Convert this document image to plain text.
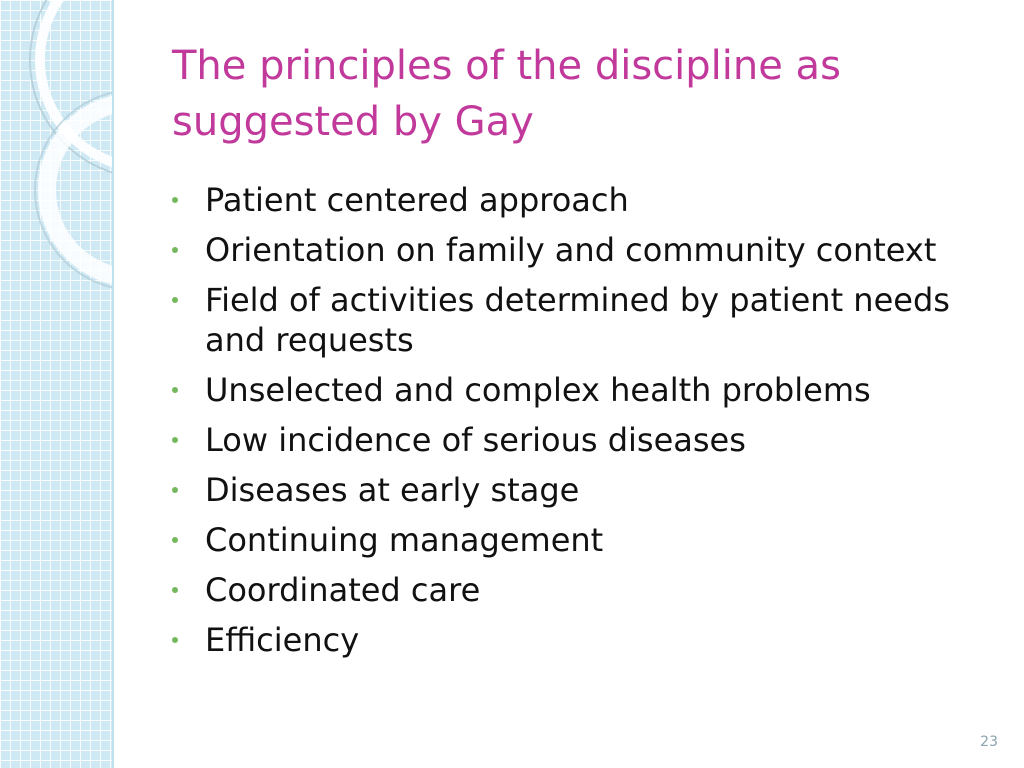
The principles of the discipline as suggested by Gay
Patient centered approach
Orientation on family and community context
Field of activities determined by patient needs and requests
Unselected and complex health problems
Low incidence of serious diseases
Diseases at early stage
Continuing management
Coordinated care
Efficiency
23
